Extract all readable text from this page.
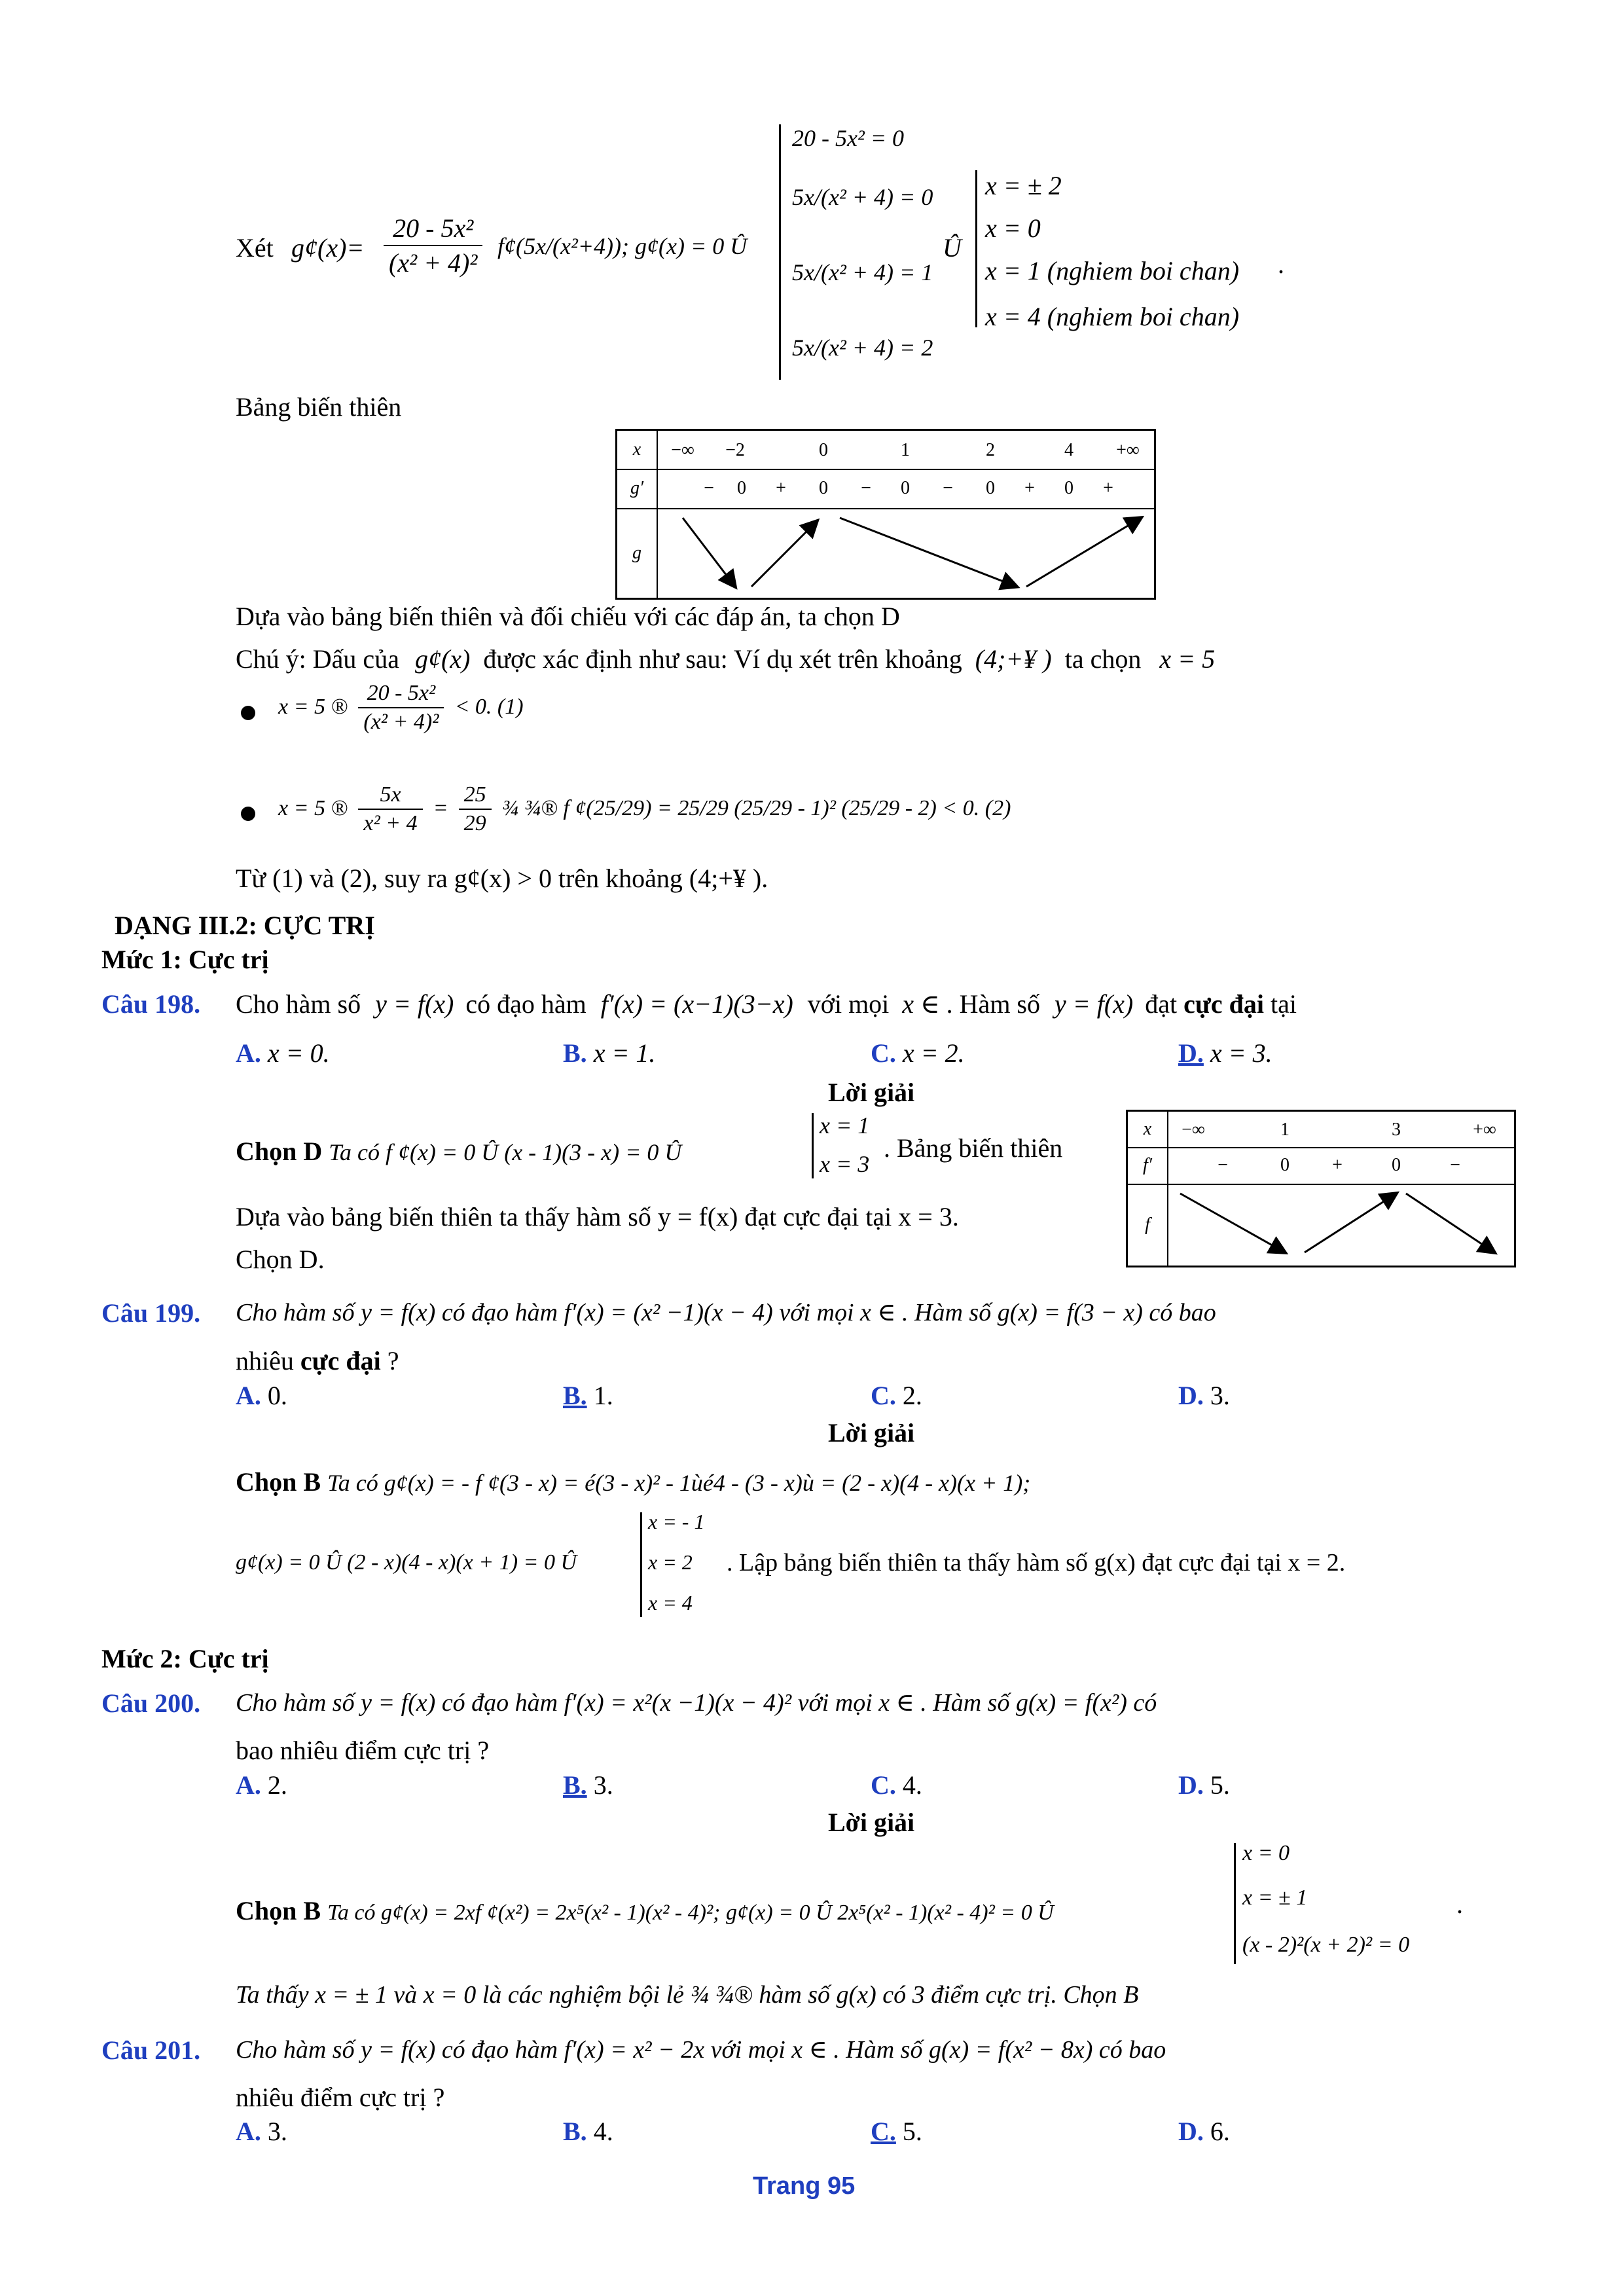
Xét g¢(x)= $\frac{\text{20 - 5x²}}{\text{(x² + 4)²}}$ f¢(5x/(x²+4)); g¢(x) = 0 Û
20 - 5x² = 0
5x/(x² + 4) = 0
5x/(x² + 4) = 1
5x/(x² + 4) = 2
Û
x = ± 2
x = 0
x = 1 (nghiem boi chan)
x = 4 (nghiem boi chan)
.
Bảng biến thiên
x	−∞	−2	0	1	2	4	+∞
g′	−	0	+	0	−	0	−	0	+	0	+
g
Dựa vào bảng biến thiên và đối chiếu với các đáp án, ta chọn D
Chú ý: Dấu của g¢(x) được xác định như sau: Ví dụ xét trên khoảng (4;+¥ ) ta chọn x = 5
x = 5 ® $\frac{\text{20 - 5x²}}{\text{(x² + 4)²}} < 0$. (1)
x = 5 ® $\frac{5x}{\text{x² + 4}} = \frac{25}{29}$ ¾ ¾® f ¢(25/29) = 25/29 (25/29 - 1)² (25/29 - 2) < 0. (2)
Từ (1) và (2), suy ra g¢(x) > 0 trên khoảng (4;+¥ ).
DẠNG III.2: CỰC TRỊ
Mức 1: Cực trị
Câu 198. Cho hàm số y = f(x) có đạo hàm f′(x) = (x−1)(3−x) với mọi x ∈ . Hàm số y = f(x) đạt cực đại tại
A. x = 0.	B. x = 1.	C. x = 2.	D. x = 3.
Lời giải
Chọn D Ta có f ¢(x) = 0 Û (x - 1)(3 - x) = 0 Û
x = 1
x = 3
. Bảng biến thiên
Dựa vào bảng biến thiên ta thấy hàm số y = f(x) đạt cực đại tại x = 3.
Chọn D.
x	−∞	1	3	+∞
f′	−	0	+	0	−
f
Câu 199. Cho hàm số y = f(x) có đạo hàm f′(x) = (x² −1)(x − 4) với mọi x ∈ . Hàm số g(x) = f(3 − x) có bao
nhiêu cực đại ?
A. 0.	B. 1.	C. 2.	D. 3.
Lời giải
Chọn B Ta có g¢(x) = - f ¢(3 - x) = é(3 - x)² - 1ùé4 - (3 - x)ù = (2 - x)(4 - x)(x + 1);
g¢(x) = 0 Û (2 - x)(4 - x)(x + 1) = 0 Û
x = - 1
x = 2
x = 4
. Lập bảng biến thiên ta thấy hàm số g(x) đạt cực đại tại x = 2.
Mức 2: Cực trị
Câu 200. Cho hàm số y = f(x) có đạo hàm f′(x) = x²(x −1)(x − 4)² với mọi x ∈ . Hàm số g(x) = f(x²) có
bao nhiêu điểm cực trị ?
A. 2.	B. 3.	C. 4.	D. 5.
Lời giải
Chọn B Ta có g¢(x) = 2xf ¢(x²) = 2x⁵(x² - 1)(x² - 4)²; g¢(x) = 0 Û 2x⁵(x² - 1)(x² - 4)² = 0 Û
x = 0
x = ± 1
(x - 2)²(x + 2)² = 0
.
Ta thấy x = ± 1 và x = 0 là các nghiệm bội lẻ ¾ ¾® hàm số g(x) có 3 điểm cực trị. Chọn B
Câu 201. Cho hàm số y = f(x) có đạo hàm f′(x) = x² − 2x với mọi x ∈ . Hàm số g(x) = f(x² − 8x) có bao
nhiêu điểm cực trị ?
A. 3.	B. 4.	C. 5.	D. 6.
Trang 95
